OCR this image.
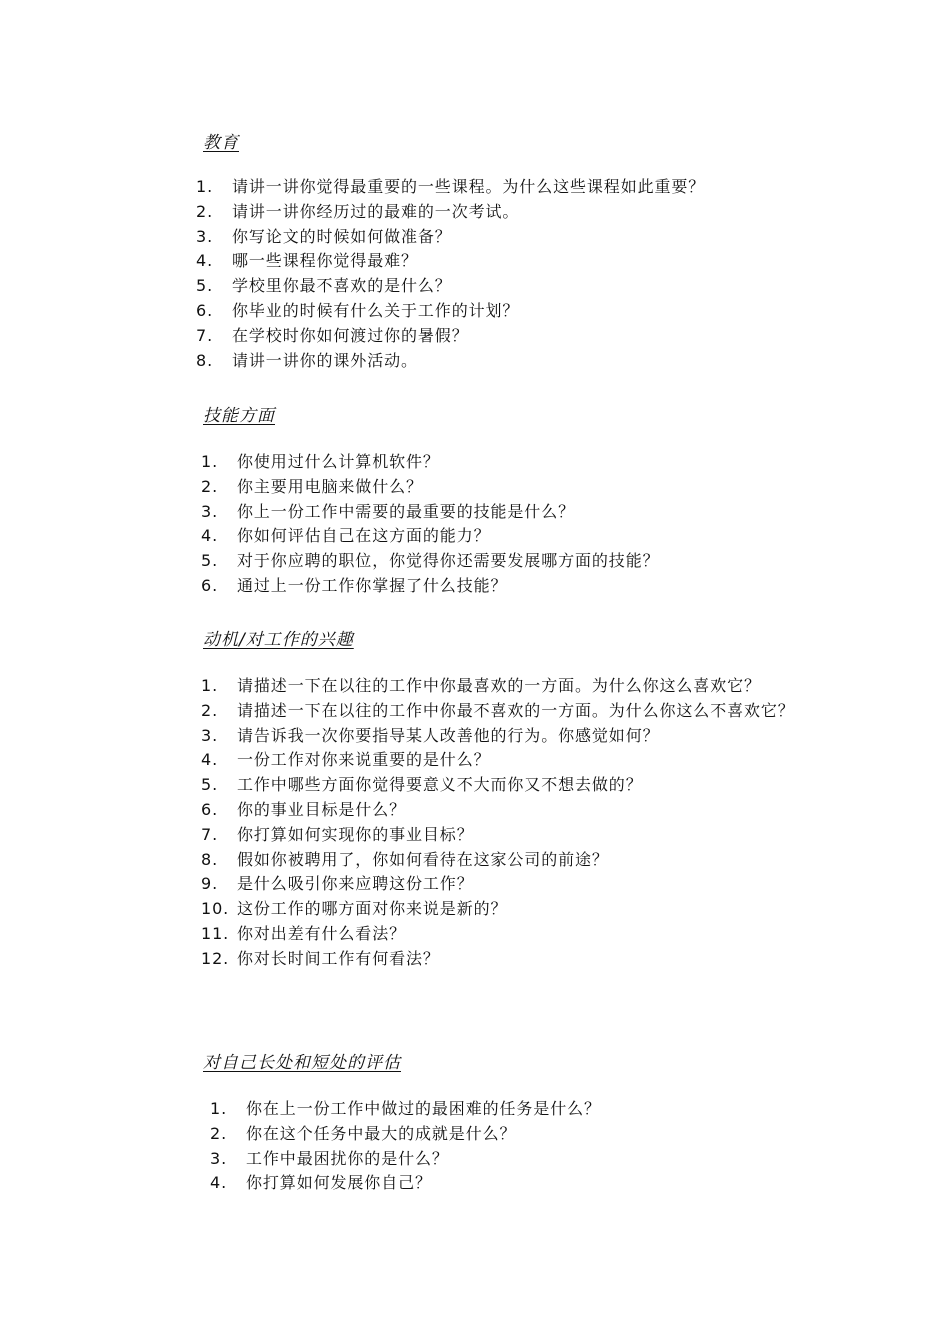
教育
1.	请讲一讲你觉得最重要的一些课程。为什么这些课程如此重要？
2.	请讲一讲你经历过的最难的一次考试。
3.	你写论文的时候如何做准备？
4.	哪一些课程你觉得最难？
5.	学校里你最不喜欢的是什么？
6.	你毕业的时候有什么关于工作的计划？
7.	在学校时你如何渡过你的暑假？
8.	请讲一讲你的课外活动。
技能方面
1.	你使用过什么计算机软件？
2.	你主要用电脑来做什么？
3.	你上一份工作中需要的最重要的技能是什么？
4.	你如何评估自己在这方面的能力？
5.	对于你应聘的职位，你觉得你还需要发展哪方面的技能？
6.	通过上一份工作你掌握了什么技能？
动机/对工作的兴趣
1.	请描述一下在以往的工作中你最喜欢的一方面。为什么你这么喜欢它？
2.	请描述一下在以往的工作中你最不喜欢的一方面。为什么你这么不喜欢它？
3.	请告诉我一次你要指导某人改善他的行为。你感觉如何？
4.	一份工作对你来说重要的是什么？
5.	工作中哪些方面你觉得要意义不大而你又不想去做的？
6.	你的事业目标是什么？
7.	你打算如何实现你的事业目标？
8.	假如你被聘用了，你如何看待在这家公司的前途？
9.	是什么吸引你来应聘这份工作？
10. 这份工作的哪方面对你来说是新的？
11. 你对出差有什么看法？
12. 你对长时间工作有何看法？
对自己长处和短处的评估
1.	你在上一份工作中做过的最困难的任务是什么？
2.	你在这个任务中最大的成就是什么？
3.	工作中最困扰你的是什么？
4.	你打算如何发展你自己？
